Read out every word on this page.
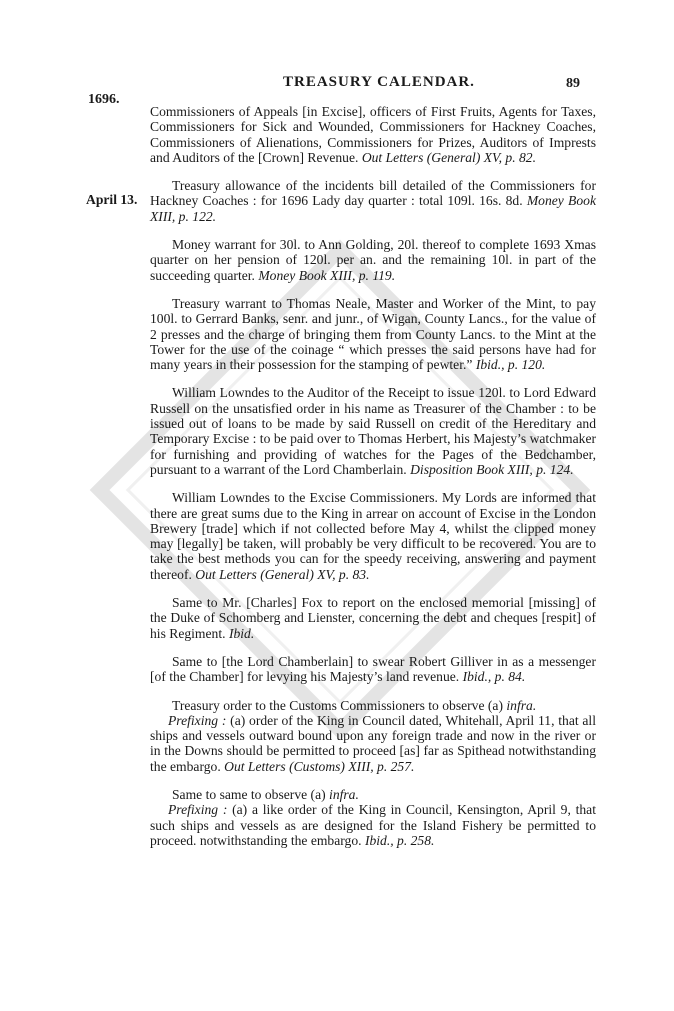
TREASURY CALENDAR.	89
1696.
April 13.

Commissioners of Appeals [in Excise], officers of First Fruits, Agents for Taxes, Commissioners for Sick and Wounded, Commissioners for Hackney Coaches, Commissioners of Alienations, Commissioners for Prizes, Auditors of Imprests and Auditors of the [Crown] Revenue. Out Letters (General) XV, p. 82.

Treasury allowance of the incidents bill detailed of the Commissioners for Hackney Coaches : for 1696 Lady day quarter : total 109l. 16s. 8d. Money Book XIII, p. 122.

Money warrant for 30l. to Ann Golding, 20l. thereof to complete 1693 Xmas quarter on her pension of 120l. per an. and the remaining 10l. in part of the succeeding quarter. Money Book XIII, p. 119.

Treasury warrant to Thomas Neale, Master and Worker of the Mint, to pay 100l. to Gerrard Banks, senr. and junr., of Wigan, County Lancs., for the value of 2 presses and the charge of bringing them from County Lancs. to the Mint at the Tower for the use of the coinage “ which presses the said persons have had for many years in their possession for the stamping of pewter.” Ibid., p. 120.

William Lowndes to the Auditor of the Receipt to issue 120l. to Lord Edward Russell on the unsatisfied order in his name as Treasurer of the Chamber : to be issued out of loans to be made by said Russell on credit of the Hereditary and Temporary Excise : to be paid over to Thomas Herbert, his Majesty’s watchmaker for furnishing and providing of watches for the Pages of the Bedchamber, pursuant to a warrant of the Lord Chamberlain. Disposition Book XIII, p. 124.

William Lowndes to the Excise Commissioners. My Lords are informed that there are great sums due to the King in arrear on account of Excise in the London Brewery [trade] which if not collected before May 4, whilst the clipped money may [legally] be taken, will probably be very difficult to be recovered. You are to take the best methods you can for the speedy receiving, answering and payment thereof. Out Letters (General) XV, p. 83.

Same to Mr. [Charles] Fox to report on the enclosed memorial [missing] of the Duke of Schomberg and Lienster, concerning the debt and cheques [respit] of his Regiment. Ibid.

Same to [the Lord Chamberlain] to swear Robert Gilliver in as a messenger [of the Chamber] for levying his Majesty’s land revenue. Ibid., p. 84.

Treasury order to the Customs Commissioners to observe (a) infra.

Prefixing : (a) order of the King in Council dated, Whitehall, April 11, that all ships and vessels outward bound upon any foreign trade and now in the river or in the Downs should be permitted to proceed [as] far as Spithead notwithstanding the embargo. Out Letters (Customs) XIII, p. 257.

Same to same to observe (a) infra.

Prefixing : (a) a like order of the King in Council, Kensington, April 9, that such ships and vessels as are designed for the Island Fishery be permitted to proceed. notwithstanding the embargo. Ibid., p. 258.
